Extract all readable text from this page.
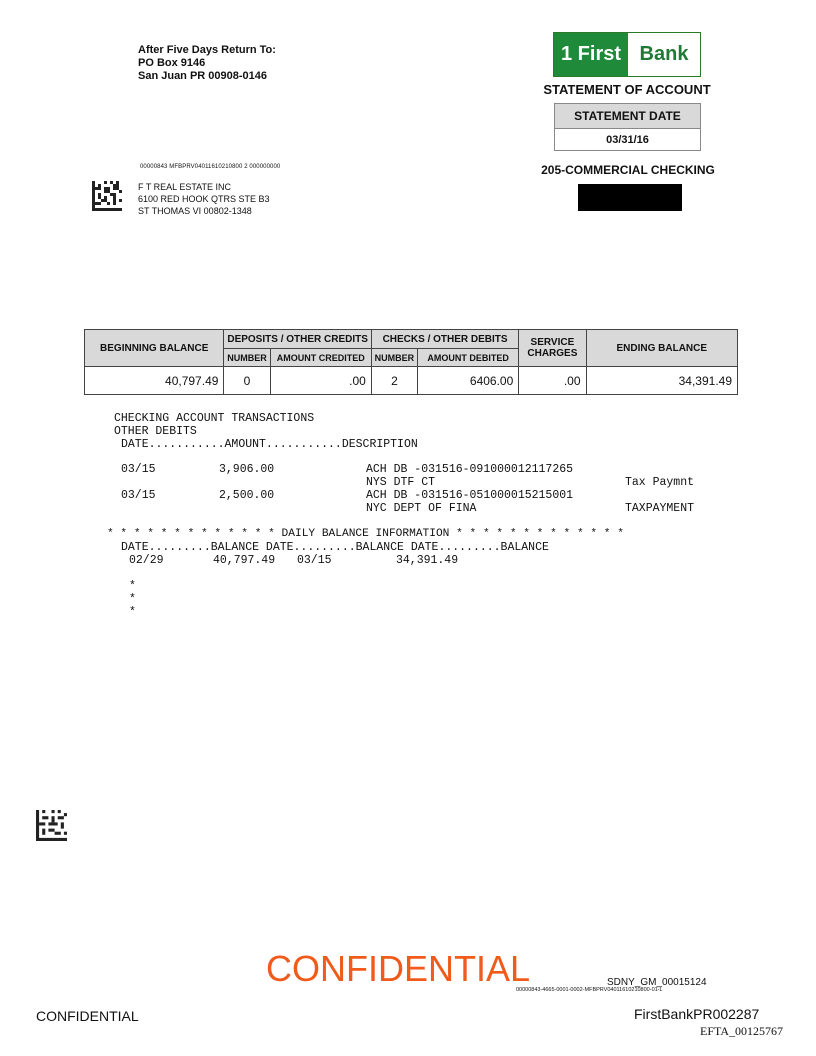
After Five Days Return To:
PO Box 9146
San Juan PR 00908-0146
1 First Bank
STATEMENT OF ACCOUNT
STATEMENT DATE
03/31/16
205-COMMERCIAL CHECKING
00000843 MFBPRV04011610210800 2 000000000
F T REAL ESTATE INC
6100 RED HOOK QTRS STE B3
ST THOMAS VI 00802-1348
BEGINNING BALANCE	DEPOSITS / OTHER CREDITS		CHECKS / OTHER DEBITS		SERVICE CHARGES	ENDING BALANCE
	NUMBER	AMOUNT CREDITED	NUMBER	AMOUNT DEBITED		
40,797.49	0	.00	2	6406.00	.00	34,391.49
CHECKING ACCOUNT TRANSACTIONS
OTHER DEBITS
DATE...........AMOUNT...........DESCRIPTION
03/15	3,906.00	ACH DB -031516-091000012117265
NYS DTF CT	Tax Paymnt
03/15	2,500.00	ACH DB -031516-051000015215001
NYC DEPT OF FINA	TAXPAYMENT
* * * * * * * * * * * * * DAILY BALANCE INFORMATION * * * * * * * * * * * * *
DATE.........BALANCE DATE.........BALANCE DATE.........BALANCE
02/29	40,797.49 03/15	34,391.49
*
*
*
CONFIDENTIAL	SDNY_GM_00015124
00000843-4665-0001-0002-MFBPRV04011610210800-01-L
CONFIDENTIAL	FirstBankPR002287
EFTA_00125767
